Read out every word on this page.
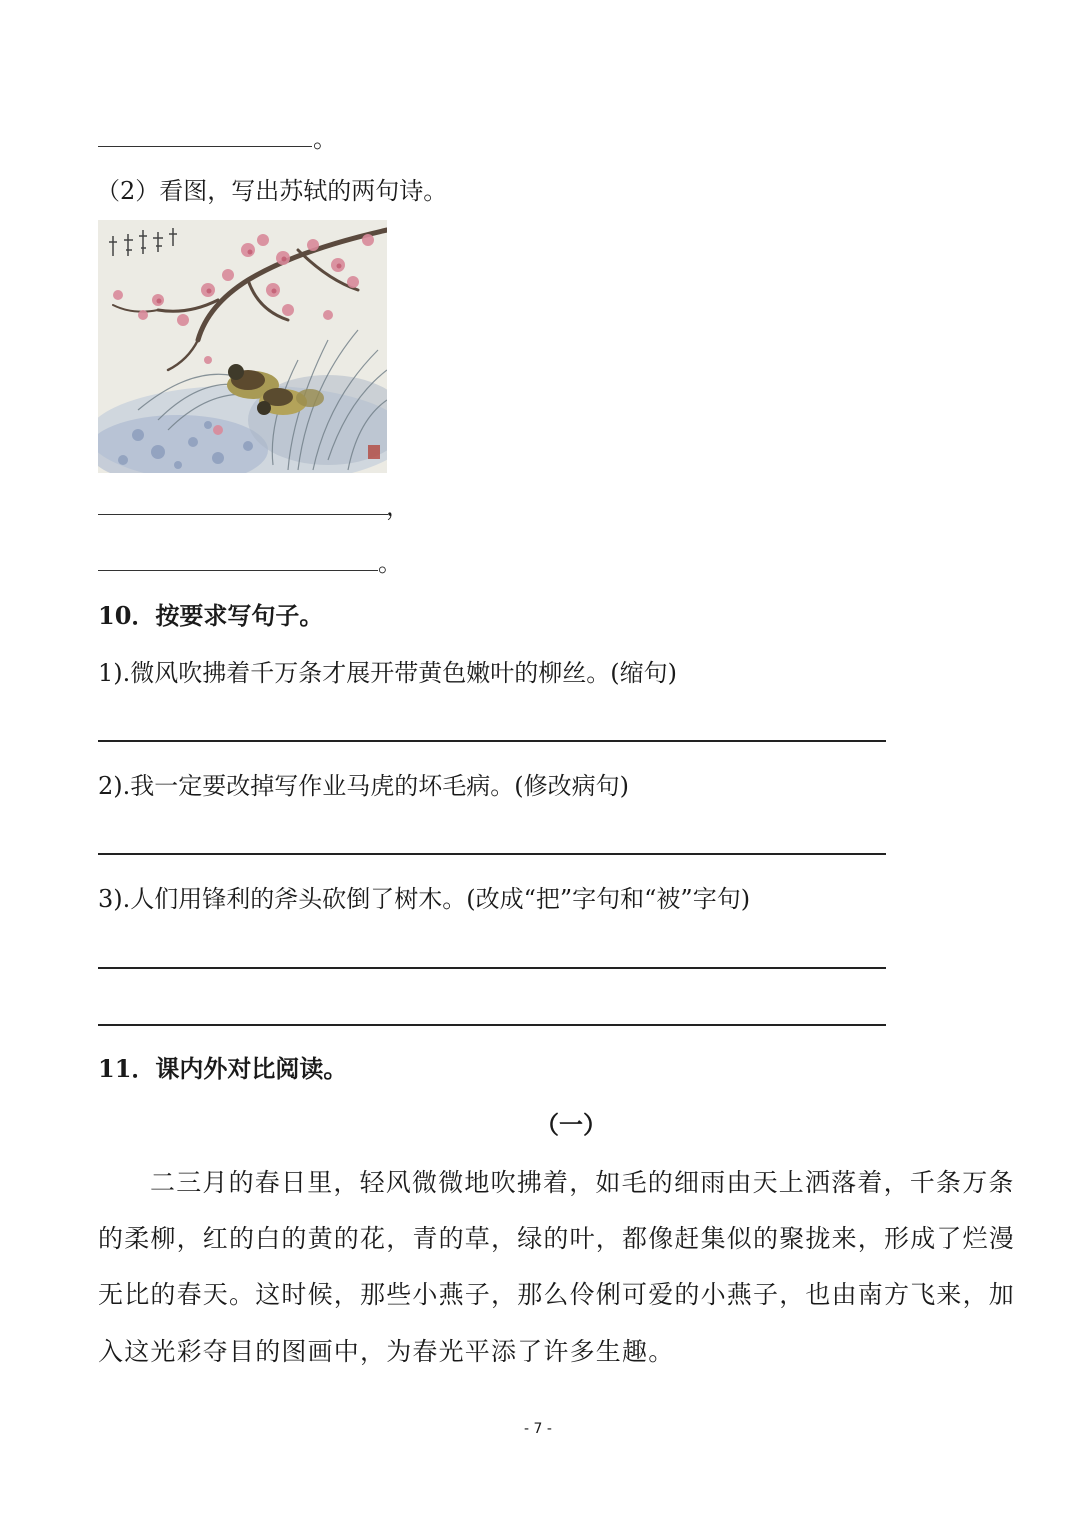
。
（2）看图，写出苏轼的两句诗。
，
。
10．按要求写句子。
1).微风吹拂着千万条才展开带黄色嫩叶的柳丝。(缩句)
2).我一定要改掉写作业马虎的坏毛病。(修改病句)
3).人们用锋利的斧头砍倒了树木。(改成“把”字句和“被”字句)
11．课内外对比阅读。
（一）
二三月的春日里，轻风微微地吹拂着，如毛的细雨由天上洒落着，千条万条
的柔柳，红的白的黄的花，青的草，绿的叶，都像赶集似的聚拢来，形成了烂漫
无比的春天。这时候，那些小燕子，那么伶俐可爱的小燕子，也由南方飞来，加
入这光彩夺目的图画中，为春光平添了许多生趣。
- 7 -
